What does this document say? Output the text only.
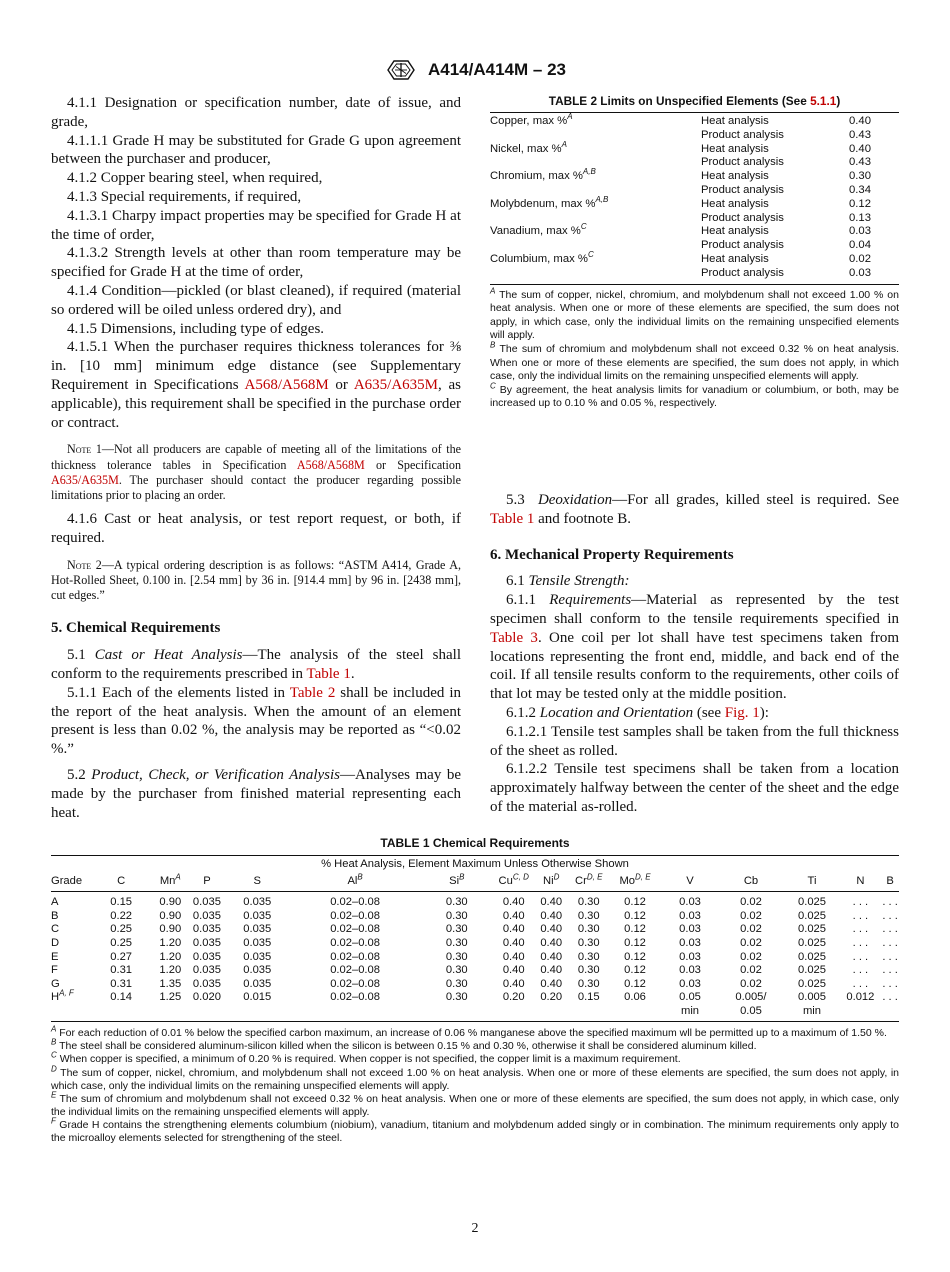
A414/A414M – 23

4.1.1 Designation or specification number, date of issue, and grade,

4.1.1.1 Grade H may be substituted for Grade G upon agreement between the purchaser and producer,

4.1.2 Copper bearing steel, when required,

4.1.3 Special requirements, if required,

4.1.3.1 Charpy impact properties may be specified for Grade H at the time of order,

4.1.3.2 Strength levels at other than room temperature may be specified for Grade H at the time of order,

4.1.4 Condition—pickled (or blast cleaned), if required (material so ordered will be oiled unless ordered dry), and

4.1.5 Dimensions, including type of edges.

4.1.5.1 When the purchaser requires thickness tolerances for ⅜ in. [10 mm] minimum edge distance (see Supplementary Requirement in Specifications A568/A568M or A635/A635M, as applicable), this requirement shall be specified in the purchase order or contract.

Note 1—Not all producers are capable of meeting all of the limitations of the thickness tolerance tables in Specification A568/A568M or Specification A635/A635M. The purchaser should contact the producer regarding possible limitations prior to placing an order.

4.1.6 Cast or heat analysis, or test report request, or both, if required.

Note 2—A typical ordering description is as follows: “ASTM A414, Grade A, Hot-Rolled Sheet, 0.100 in. [2.54 mm] by 36 in. [914.4 mm] by 96 in. [2438 mm], cut edges.”

5. Chemical Requirements

5.1 Cast or Heat Analysis—The analysis of the steel shall conform to the requirements prescribed in Table 1.

5.1.1 Each of the elements listed in Table 2 shall be included in the report of the heat analysis. When the amount of an element present is less than 0.02 %, the analysis may be reported as “<0.02 %.”

5.2 Product, Check, or Verification Analysis—Analyses may be made by the purchaser from finished material representing each heat.

TABLE 2 Limits on Unspecified Elements (See 5.1.1)
Copper, max %$^A$	Heat analysis	0.40
	Product analysis	0.43
Nickel, max %$^A$	Heat analysis	0.40
	Product analysis	0.43
Chromium, max %$^{A,B}$	Heat analysis	0.30
	Product analysis	0.34
Molybdenum, max %$^{A,B}$	Heat analysis	0.12
	Product analysis	0.13
Vanadium, max %$^C$	Heat analysis	0.03
	Product analysis	0.04
Columbium, max %$^C$	Heat analysis	0.02
	Product analysis	0.03

$^A$ The sum of copper, nickel, chromium, and molybdenum shall not exceed 1.00 % on heat analysis. When one or more of these elements are specified, the sum does not apply, in which case, only the individual limits on the remaining unspecified elements will apply.

$^B$ The sum of chromium and molybdenum shall not exceed 0.32 % on heat analysis. When one or more of these elements are specified, the sum does not apply, in which case, only the individual limits on the remaining unspecified elements will apply.

$^C$ By agreement, the heat analysis limits for vanadium or columbium, or both, may be increased up to 0.10 % and 0.05 %, respectively.

5.3 Deoxidation—For all grades, killed steel is required. See Table 1 and footnote B.

6. Mechanical Property Requirements

6.1 Tensile Strength:

6.1.1 Requirements—Material as represented by the test specimen shall conform to the tensile requirements specified in Table 3. One coil per lot shall have test specimens taken from locations representing the front end, middle, and back end of the coil. If all tensile results conform to the requirements, other coils of that lot may be tested only at the middle position.

6.1.2 Location and Orientation (see Fig. 1):

6.1.2.1 Tensile test samples shall be taken from the full thickness of the sheet as rolled.

6.1.2.2 Tensile test specimens shall be taken from a location approximately halfway between the center of the sheet and the edge of the material as-rolled.

TABLE 1 Chemical Requirements
% Heat Analysis, Element Maximum Unless Otherwise Shown															
Grade	C	$Mn^A$	P	S	$Al^B$	$Si^B$	$Cu^{C, D}$	$Ni^D$	$Cr^{D, E}$	$Mo^{D, E}$	V	Cb	Ti	N	B
A	0.15	0.90	0.035	0.035	0.02–0.08	0.30	0.40	0.40	0.30	0.12	0.03	0.02	0.025	. . .	. . .
B	0.22	0.90	0.035	0.035	0.02–0.08	0.30	0.40	0.40	0.30	0.12	0.03	0.02	0.025	. . .	. . .
C	0.25	0.90	0.035	0.035	0.02–0.08	0.30	0.40	0.40	0.30	0.12	0.03	0.02	0.025	. . .	. . .
D	0.25	1.20	0.035	0.035	0.02–0.08	0.30	0.40	0.40	0.30	0.12	0.03	0.02	0.025	. . .	. . .
E	0.27	1.20	0.035	0.035	0.02–0.08	0.30	0.40	0.40	0.30	0.12	0.03	0.02	0.025	. . .	. . .
F	0.31	1.20	0.035	0.035	0.02–0.08	0.30	0.40	0.40	0.30	0.12	0.03	0.02	0.025	. . .	. . .
G	0.31	1.35	0.035	0.035	0.02–0.08	0.30	0.40	0.40	0.30	0.12	0.03	0.02	0.025	. . .	. . .
$H^{A, F}$	0.14	1.25	0.020	0.015	0.02–0.08	0.30	0.20	0.20	0.15	0.06	0.05	0.005/	0.005	0.012	. . .
											min	0.05	min		

$^A$ For each reduction of 0.01 % below the specified carbon maximum, an increase of 0.06 % manganese above the specified maximum wll be permitted up to a maximum of 1.50 %.

$^B$ The steel shall be considered aluminum-silicon killed when the silicon is between 0.15 % and 0.30 %, otherwise it shall be considered aluminum killed.

$^C$ When copper is specified, a minimum of 0.20 % is required. When copper is not specified, the copper limit is a maximum requirement.

$^D$ The sum of copper, nickel, chromium, and molybdenum shall not exceed 1.00 % on heat analysis. When one or more of these elements are specified, the sum does not apply, in which case, only the individual limits on the remaining unspecified elements will apply.

$^E$ The sum of chromium and molybdenum shall not exceed 0.32 % on heat analysis. When one or more of these elements are specified, the sum does not apply, in which case, only the individual limits on the remaining unspecified elements will apply.

$^F$ Grade H contains the strengthening elements columbium (niobium), vanadium, titanium and molybdenum added singly or in combination. The minimum requirements only apply to the microalloy elements selected for strengthening of the steel.

2
